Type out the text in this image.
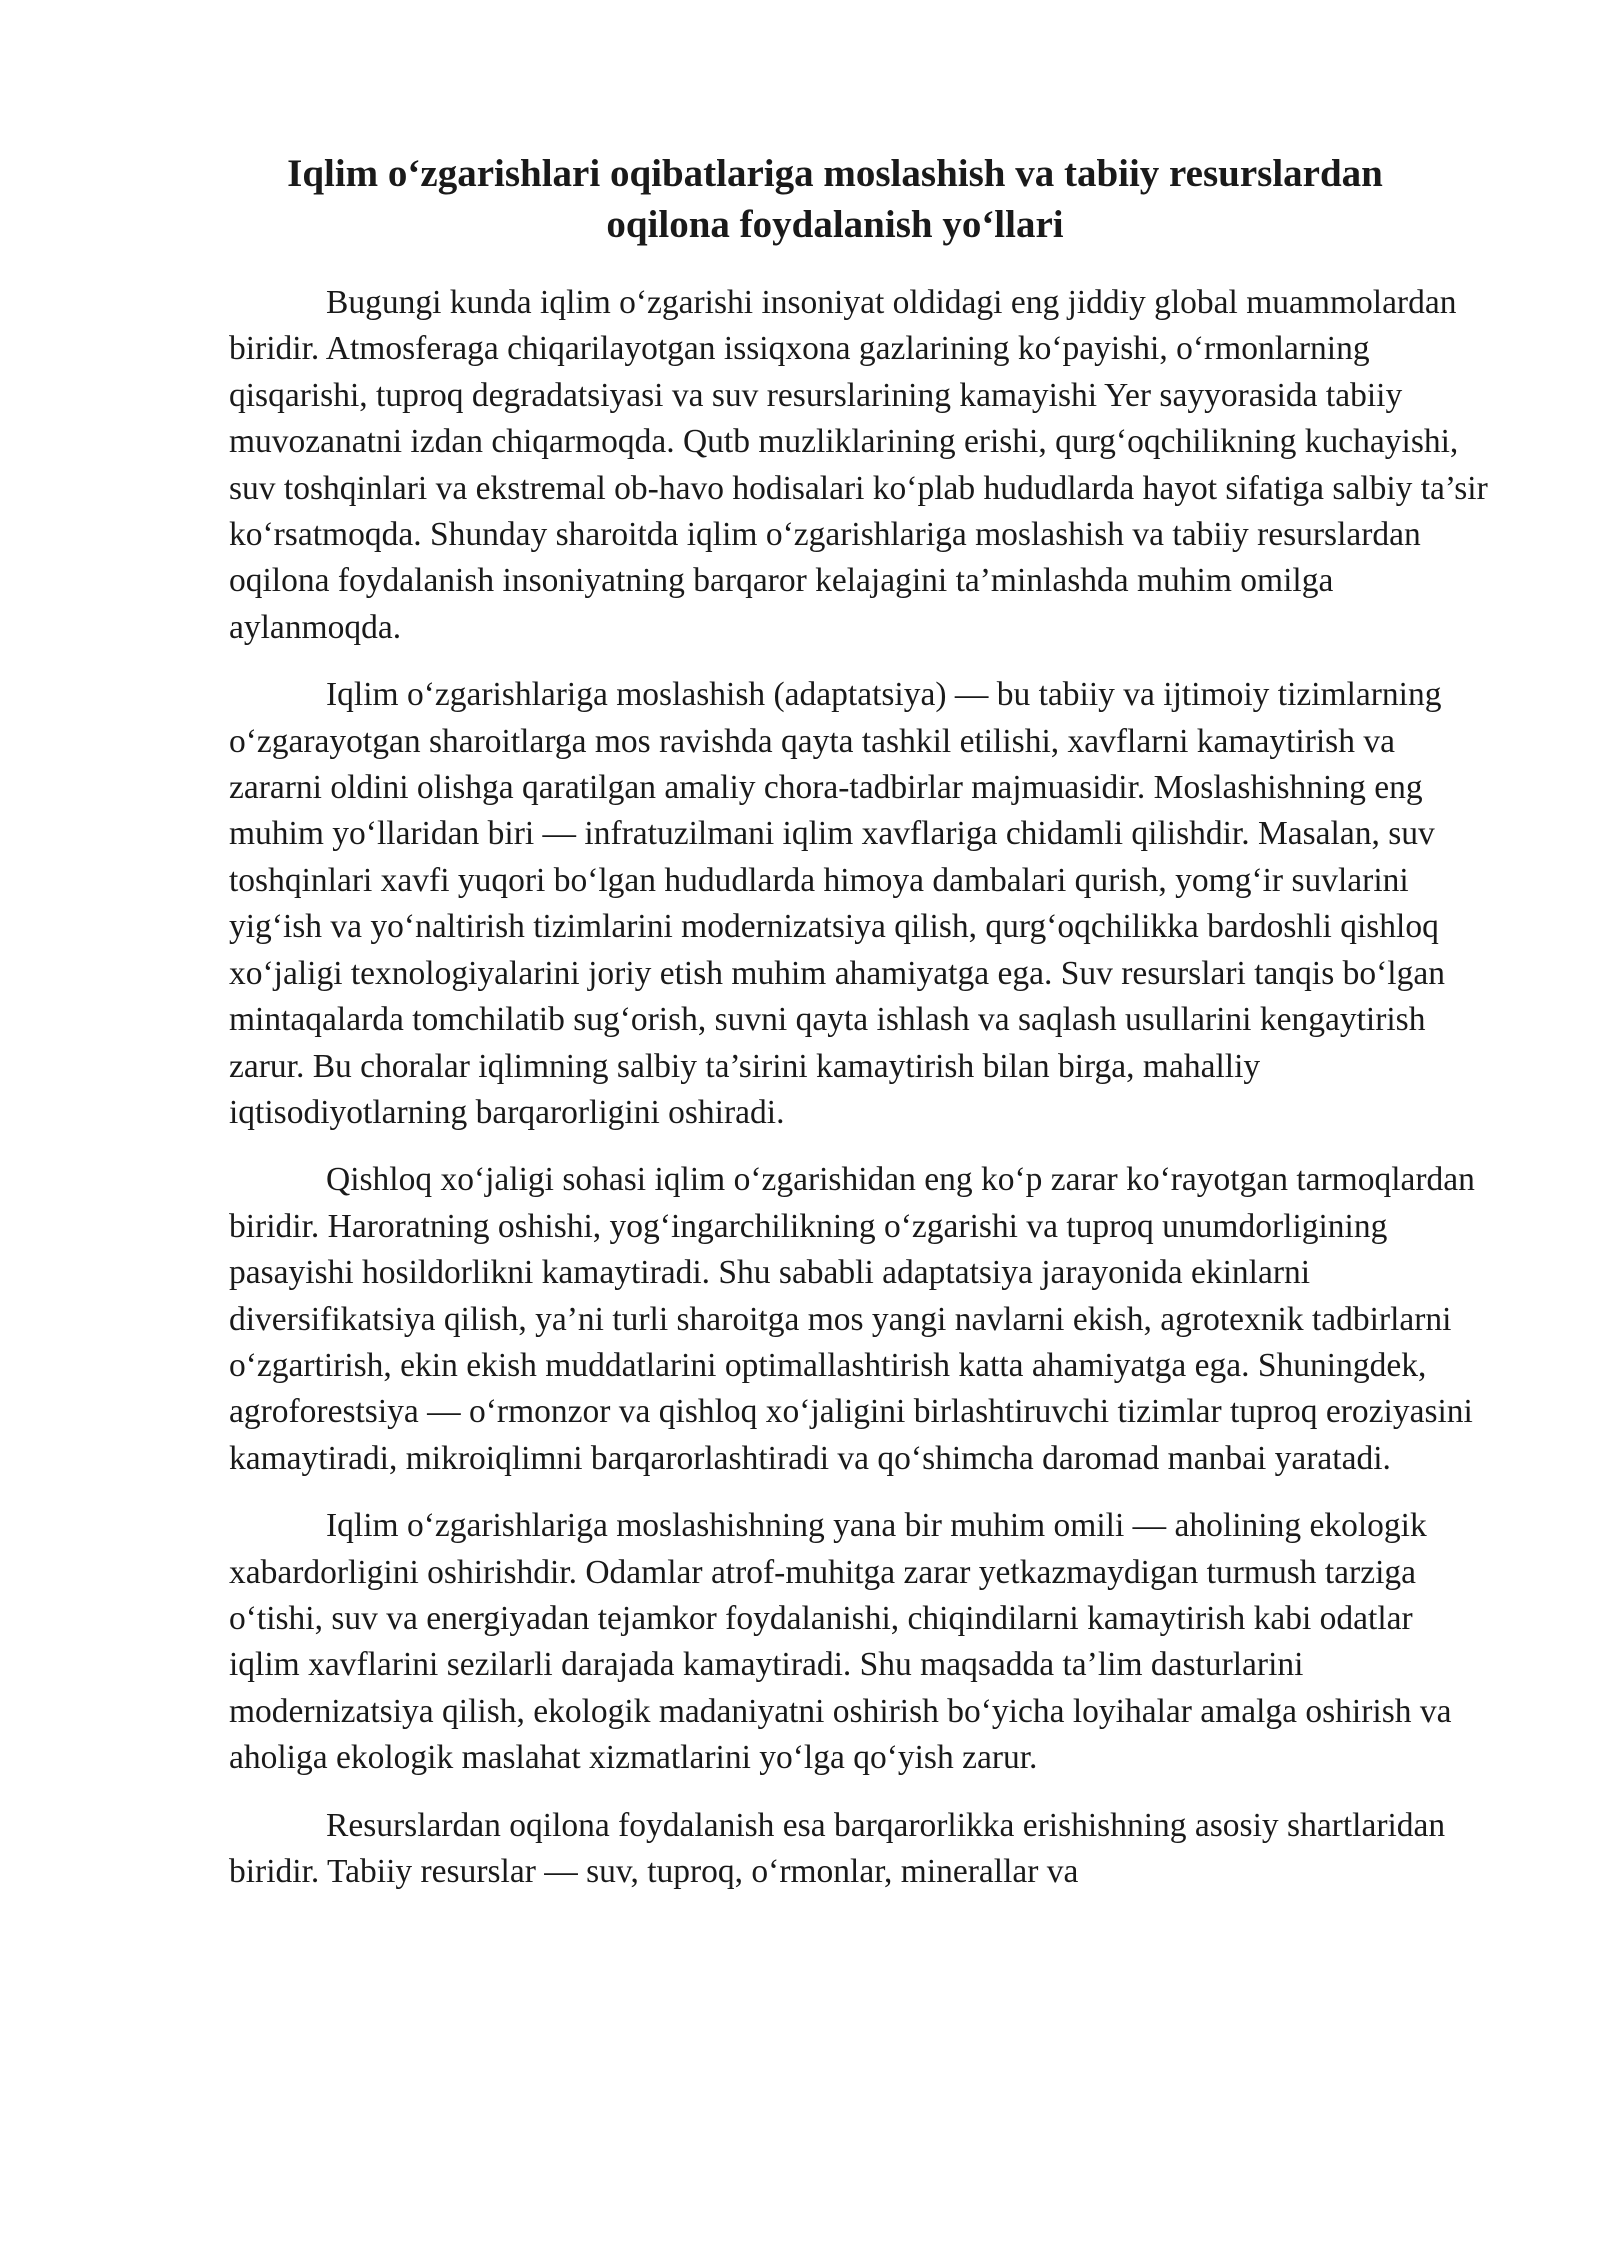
Iqlim o‘zgarishlari oqibatlariga moslashish va tabiiy resurslardan
oqilona foydalanish yo‘llari

Bugungi kunda iqlim o‘zgarishi insoniyat oldidagi eng jiddiy global muammolardan biridir. Atmosferaga chiqarilayotgan issiqxona gazlarining ko‘payishi, o‘rmonlarning qisqarishi, tuproq degradatsiyasi va suv resurslarining kamayishi Yer sayyorasida tabiiy muvozanatni izdan chiqarmoqda. Qutb muzliklarining erishi, qurg‘oqchilikning kuchayishi, suv toshqinlari va ekstremal ob-havo hodisalari ko‘plab hududlarda hayot sifatiga salbiy ta’sir ko‘rsatmoqda. Shunday sharoitda iqlim o‘zgarishlariga moslashish va tabiiy resurslardan oqilona foydalanish insoniyatning barqaror kelajagini ta’minlashda muhim omilga aylanmoqda.

Iqlim o‘zgarishlariga moslashish (adaptatsiya) — bu tabiiy va ijtimoiy tizimlarning o‘zgarayotgan sharoitlarga mos ravishda qayta tashkil etilishi, xavflarni kamaytirish va zararni oldini olishga qaratilgan amaliy chora-tadbirlar majmuasidir. Moslashishning eng muhim yo‘llaridan biri — infratuzilmani iqlim xavflariga chidamli qilishdir. Masalan, suv toshqinlari xavfi yuqori bo‘lgan hududlarda himoya dambalari qurish, yomg‘ir suvlarini yig‘ish va yo‘naltirish tizimlarini modernizatsiya qilish, qurg‘oqchilikka bardoshli qishloq xo‘jaligi texnologiyalarini joriy etish muhim ahamiyatga ega. Suv resurslari tanqis bo‘lgan mintaqalarda tomchilatib sug‘orish, suvni qayta ishlash va saqlash usullarini kengaytirish zarur. Bu choralar iqlimning salbiy ta’sirini kamaytirish bilan birga, mahalliy iqtisodiyotlarning barqarorligini oshiradi.

Qishloq xo‘jaligi sohasi iqlim o‘zgarishidan eng ko‘p zarar ko‘rayotgan tarmoqlardan biridir. Haroratning oshishi, yog‘ingarchilikning o‘zgarishi va tuproq unumdorligining pasayishi hosildorlikni kamaytiradi. Shu sababli adaptatsiya jarayonida ekinlarni diversifikatsiya qilish, ya’ni turli sharoitga mos yangi navlarni ekish, agrotexnik tadbirlarni o‘zgartirish, ekin ekish muddatlarini optimallashtirish katta ahamiyatga ega. Shuningdek, agroforestsiya — o‘rmonzor va qishloq xo‘jaligini birlashtiruvchi tizimlar tuproq eroziyasini kamaytiradi, mikroiqlimni barqarorlashtiradi va qo‘shimcha daromad manbai yaratadi.

Iqlim o‘zgarishlariga moslashishning yana bir muhim omili — aholining ekologik xabardorligini oshirishdir. Odamlar atrof-muhitga zarar yetkazmaydigan turmush tarziga o‘tishi, suv va energiyadan tejamkor foydalanishi, chiqindilarni kamaytirish kabi odatlar iqlim xavflarini sezilarli darajada kamaytiradi. Shu maqsadda ta’lim dasturlarini modernizatsiya qilish, ekologik madaniyatni oshirish bo‘yicha loyihalar amalga oshirish va aholiga ekologik maslahat xizmatlarini yo‘lga qo‘yish zarur.

Resurslardan oqilona foydalanish esa barqarorlikka erishishning asosiy shartlaridan biridir. Tabiiy resurslar — suv, tuproq, o‘rmonlar, minerallar va
